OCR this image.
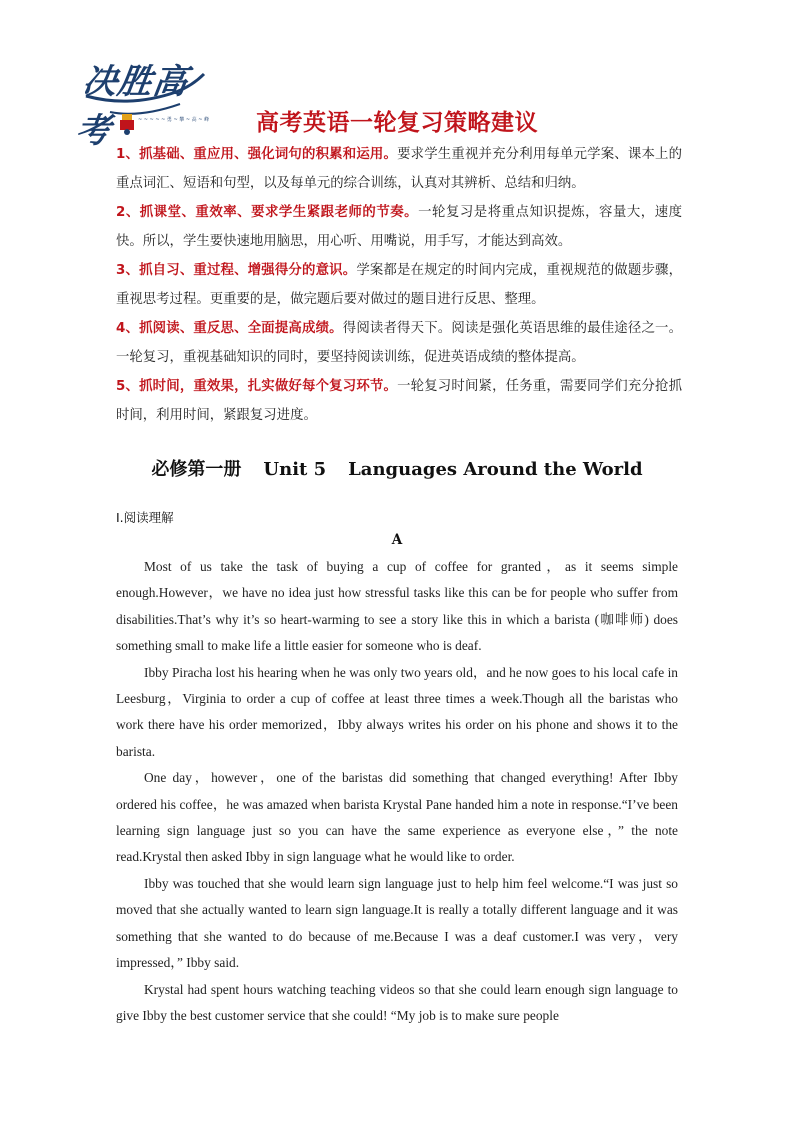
决胜高考	~ ~ ~ ~ ~ 勇 ~ 攀 ~ 高 ~ 峰	高考英语一轮复习策略建议
1、抓基础、重应用、强化词句的积累和运用。要求学生重视并充分利用每单元学案、课本上的重点词汇、短语和句型，以及每单元的综合训练，认真对其辨析、总结和归纳。
2、抓课堂、重效率、要求学生紧跟老师的节奏。一轮复习是将重点知识提炼，容量大，速度快。所以，学生要快速地用脑思，用心听、用嘴说，用手写，才能达到高效。
3、抓自习、重过程、增强得分的意识。学案都是在规定的时间内完成，重视规范的做题步骤，重视思考过程。更重要的是，做完题后要对做过的题目进行反思、整理。
4、抓阅读、重反思、全面提高成绩。得阅读者得天下。阅读是强化英语思维的最佳途径之一。一轮复习，重视基础知识的同时，要坚持阅读训练，促进英语成绩的整体提高。
5、抓时间，重效果，扎实做好每个复习环节。一轮复习时间紧，任务重，需要同学们充分抢抓时间，利用时间，紧跟复习进度。
必修第一册 Unit 5 Languages Around the World
Ⅰ.阅读理解
A

Most of us take the task of buying a cup of coffee for granted，as it seems simple enough.However，we have no idea just how stressful tasks like this can be for people who suffer from disabilities.That’s why it’s so heart-warming to see a story like this in which a barista (咖啡师) does something small to make life a little easier for someone who is deaf.

Ibby Piracha lost his hearing when he was only two years old，and he now goes to his local cafe in Leesburg，Virginia to order a cup of coffee at least three times a week.Though all the baristas who work there have his order memorized，Ibby always writes his order on his phone and shows it to the barista.

One day，however，one of the baristas did something that changed everything! After Ibby ordered his coffee，he was amazed when barista Krystal Pane handed him a note in response.“I’ve been learning sign language just so you can have the same experience as everyone else，” the note read.Krystal then asked Ibby in sign language what he would like to order.

Ibby was touched that she would learn sign language just to help him feel welcome.“I was just so moved that she actually wanted to learn sign language.It is really a totally different language and it was something that she wanted to do because of me.Because I was a deaf customer.I was very，very impressed，” Ibby said.

Krystal had spent hours watching teaching videos so that she could learn enough sign language to give Ibby the best customer service that she could! “My job is to make sure people
